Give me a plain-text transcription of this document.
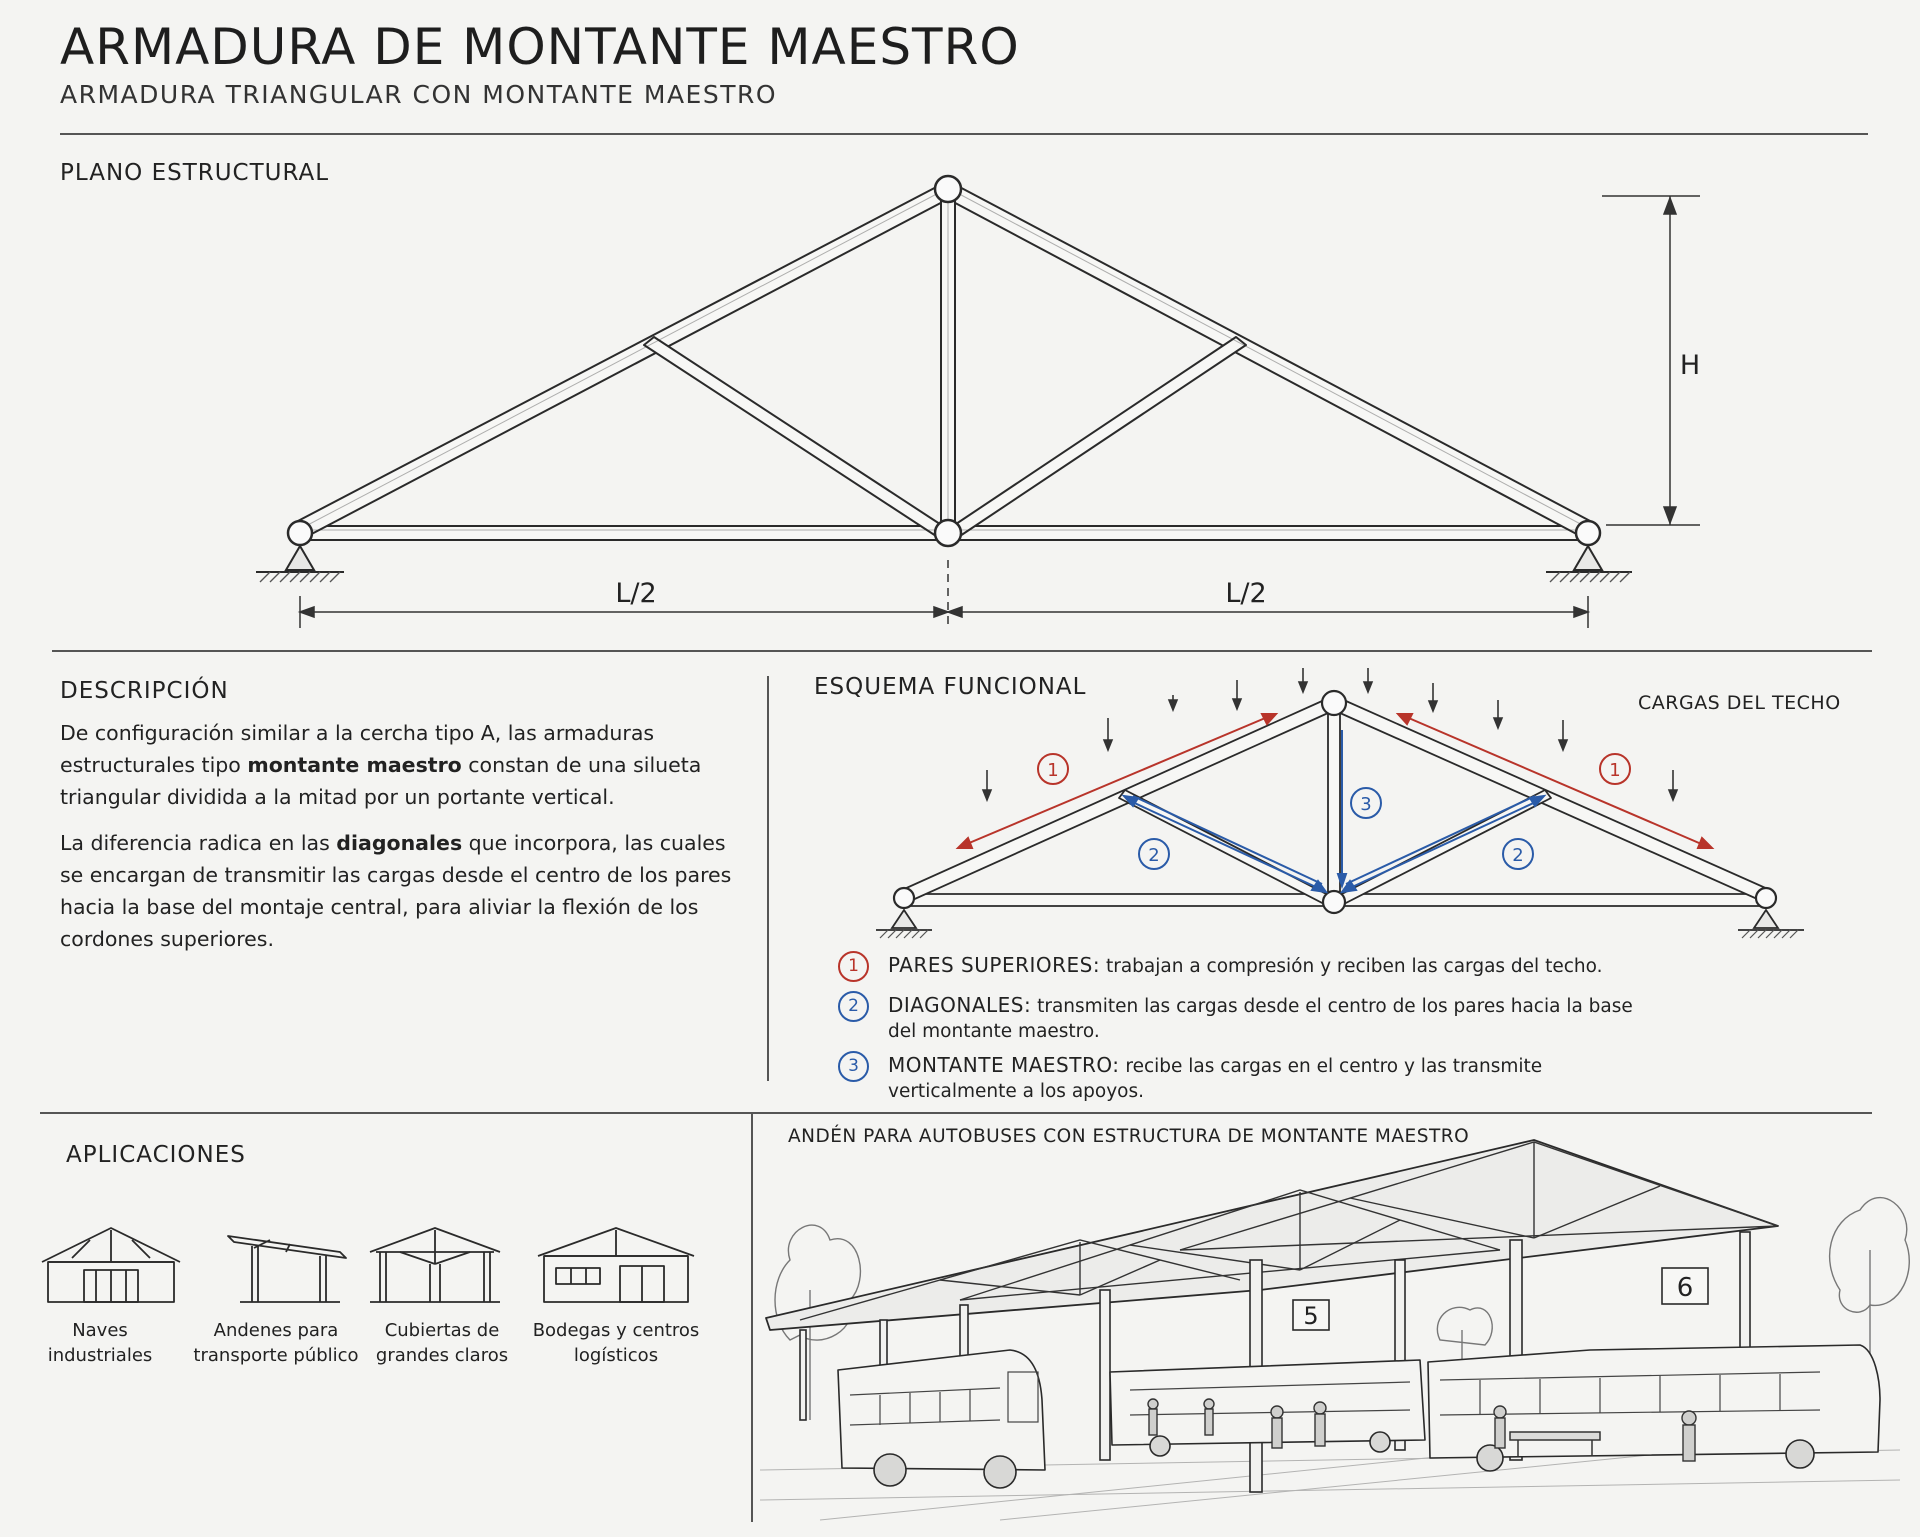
ARMADURA DE MONTANTE MAESTRO
ARMADURA TRIANGULAR CON MONTANTE MAESTRO
PLANO ESTRUCTURAL
L/2	L/2
H
DESCRIPCIÓN

De configuración similar a la cercha tipo A, las armaduras estructurales tipo montante maestro constan de una silueta triangular dividida a la mitad por un portante vertical.

La diferencia radica en las diagonales que incorpora, las cuales se encargan de transmitir las cargas desde el centro de los pares hacia la base del montaje central, para aliviar la flexión de los cordones superiores.

ESQUEMA FUNCIONAL
CARGAS DEL TECHO
1	1
2	2
3
1	PARES SUPERIORES: trabajan a compresión y reciben las cargas del techo.
2	DIAGONALES: transmiten las cargas desde el centro de los pares hacia la base del montante maestro.
3	MONTANTE MAESTRO: recibe las cargas en el centro y las transmite verticalmente a los apoyos.
APLICACIONES
Naves
industriales
Andenes para
transporte público
Cubiertas de
grandes claros
Bodegas y centros
logísticos
ANDÉN PARA AUTOBUSES CON ESTRUCTURA DE MONTANTE MAESTRO
5
6
